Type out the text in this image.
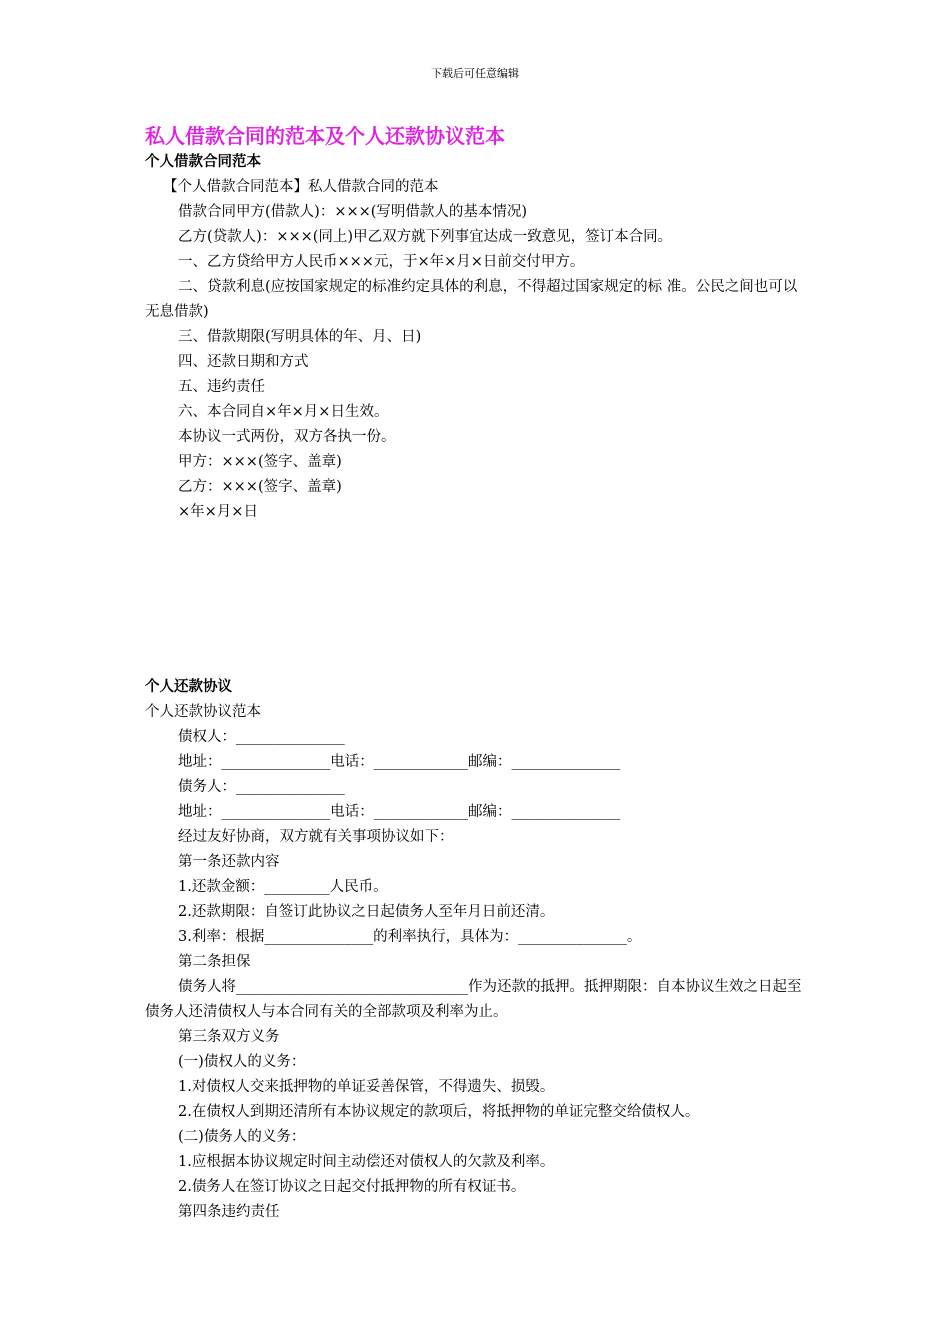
下载后可任意编辑
私人借款合同的范本及个人还款协议范本

个人借款合同范本

【个人借款合同范本】私人借款合同的范本

借款合同甲方(借款人)：×××(写明借款人的基本情况)

乙方(贷款人)：×××(同上)甲乙双方就下列事宜达成一致意见，签订本合同。

一、乙方贷给甲方人民币×××元，于×年×月×日前交付甲方。

二、贷款利息(应按国家规定的标准约定具体的利息，不得超过国家规定的标 准。公民之间也可以无息借款)

三、借款期限(写明具体的年、月、日)

四、还款日期和方式

五、违约责任

六、本合同自×年×月×日生效。

本协议一式两份，双方各执一份。

甲方：×××(签字、盖章)

乙方：×××(签字、盖章)

×年×月×日

个人还款协议

个人还款协议范本

债权人：_______________

地址：_______________电话：_____________邮编：_______________

债务人：_______________

地址：_______________电话：_____________邮编：_______________

经过友好协商，双方就有关事项协议如下：

第一条还款内容

1.还款金额：_________人民币。

2.还款期限：自签订此协议之日起债务人至年月日前还清。

3.利率：根据_______________的利率执行，具体为：_______________。

第二条担保

债务人将________________________________作为还款的抵押。抵押期限：自本协议生效之日起至债务人还清债权人与本合同有关的全部款项及利率为止。

第三条双方义务

(一)债权人的义务：

1.对债权人交来抵押物的单证妥善保管，不得遗失、损毁。

2.在债权人到期还清所有本协议规定的款项后，将抵押物的单证完整交给债权人。

(二)债务人的义务：

1.应根据本协议规定时间主动偿还对债权人的欠款及利率。

2.债务人在签订协议之日起交付抵押物的所有权证书。

第四条违约责任
